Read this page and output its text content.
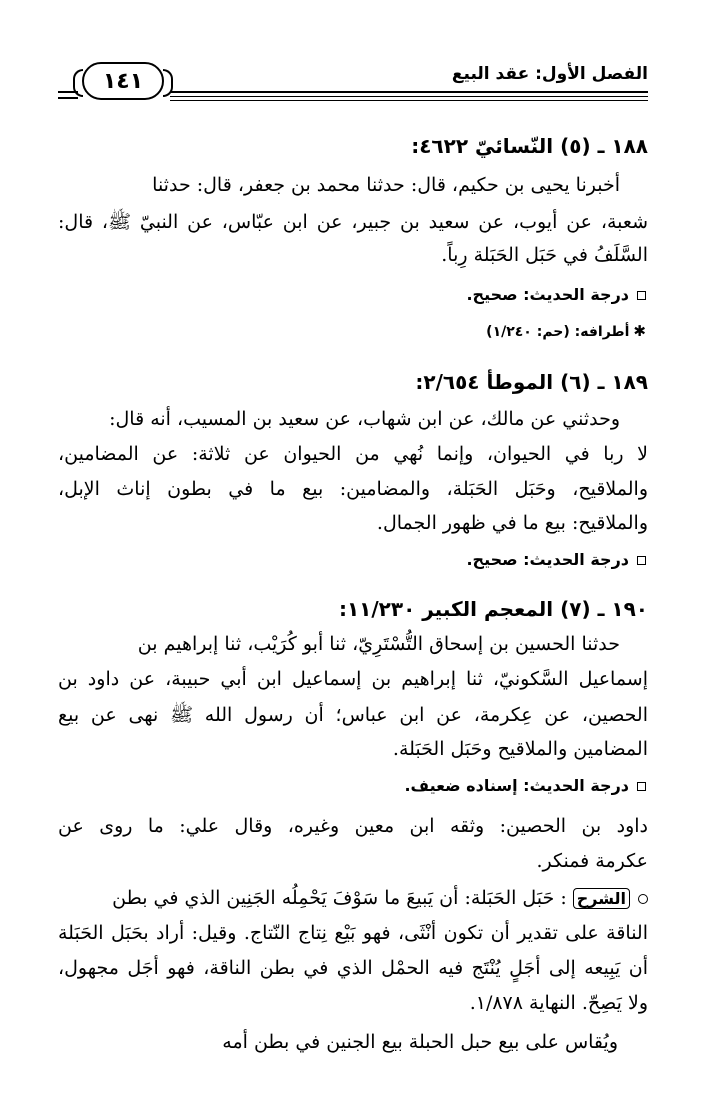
الفصل الأول: عقد البيع
١٤١
١٨٨ ـ (٥) النّسائيّ ٤٦٢٢:
أخبرنا يحيى بن حكيم، قال: حدثنا محمد بن جعفر، قال: حدثنا
شعبة، عن أيوب، عن سعيد بن جبير، عن ابن عبّاس، عن النبيّ ﷺ، قال:
السَّلَفُ في حَبَل الحَبَلة رِباً.
درجة الحديث: صحيح.
✱أطرافه: (حم: ١/٢٤٠)
١٨٩ ـ (٦) الموطأ ٢/٦٥٤:
وحدثني عن مالك، عن ابن شهاب، عن سعيد بن المسيب، أنه قال:
لا ربا في الحيوان، وإنما نُهي من الحيوان عن ثلاثة: عن المضامين،
والملاقيح، وحَبَل الحَبَلة، والمضامين: بيع ما في بطون إناث الإبل،
والملاقيح: بيع ما في ظهور الجمال.
درجة الحديث: صحيح.
١٩٠ ـ (٧) المعجم الكبير ١١/٢٣٠:
حدثنا الحسين بن إسحاق التُّسْتَرِيّ، ثنا أبو كُرَيْب، ثنا إبراهيم بن
إسماعيل السَّكونيّ، ثنا إبراهيم بن إسماعيل ابن أبي حبيبة، عن داود بن
الحصين، عن عِكرمة، عن ابن عباس؛ أن رسول الله ﷺ نهى عن بيع
المضامين والملاقيح وحَبَل الحَبَلة.
درجة الحديث: إسناده ضعيف.
داود بن الحصين: وثقه ابن معين وغيره، وقال علي: ما روى عن
عكرمة فمنكر.
الشرح: حَبَل الحَبَلة: أن يَبيعَ ما سَوْفَ يَحْمِلُه الجَنِين الذي في بطن
الناقة على تقدير أن تكون أنْثَى، فهو بَيْع نِتاج النّتاج. وقيل: أراد بحَبَل الحَبَلة
أن يَبِيعه إلى أجَلٍ يُنْتَج فيه الحمْل الذي في بطن الناقة، فهو أجَل مجهول،
ولا يَصِحّ. النهاية ١/٨٧٨.
ويُقاس على بيع حبل الحبلة بيع الجنين في بطن أمه
